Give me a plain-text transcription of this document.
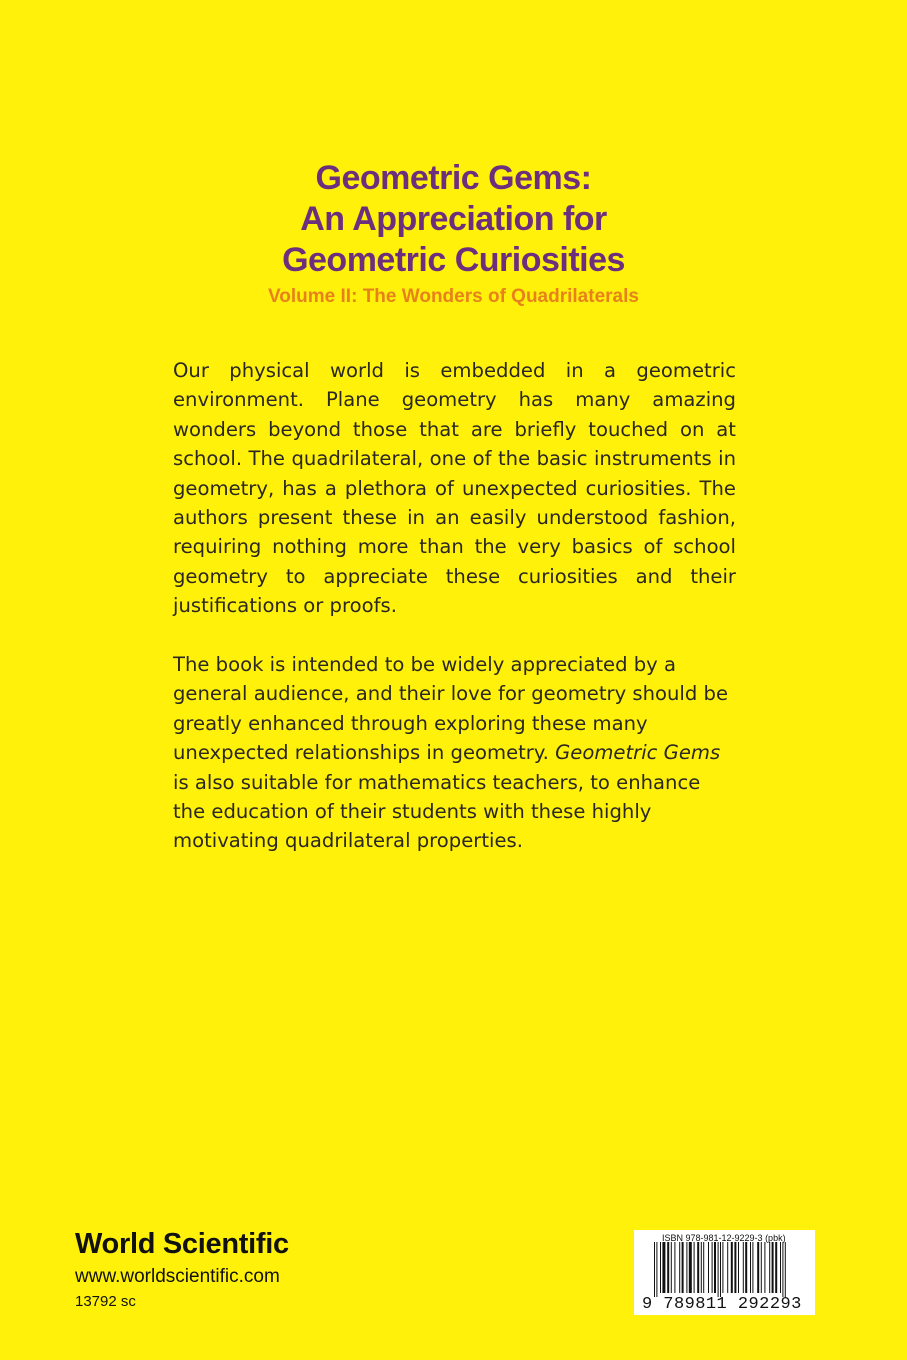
Geometric Gems:
An Appreciation for
Geometric Curiosities
Volume II: The Wonders of Quadrilaterals

Our physical world is embedded in a geometric environment. Plane geometry has many amazing wonders beyond those that are briefly touched on at school. The quadrilateral, one of the basic instruments in geometry, has a plethora of unexpected curiosities. The authors present these in an easily understood fashion, requiring nothing more than the very basics of school geometry to appreciate these curiosities and their justifications or proofs.

The book is intended to be widely appreciated by a general audience, and their love for geometry should be greatly enhanced through exploring these many unexpected relationships in geometry. Geometric Gems is also suitable for mathematics teachers, to enhance the education of their students with these highly motivating quadrilateral properties.

World Scientific
www.worldscientific.com
13792 sc
ISBN 978-981-12-9229-3 (pbk)
9 789811 292293
